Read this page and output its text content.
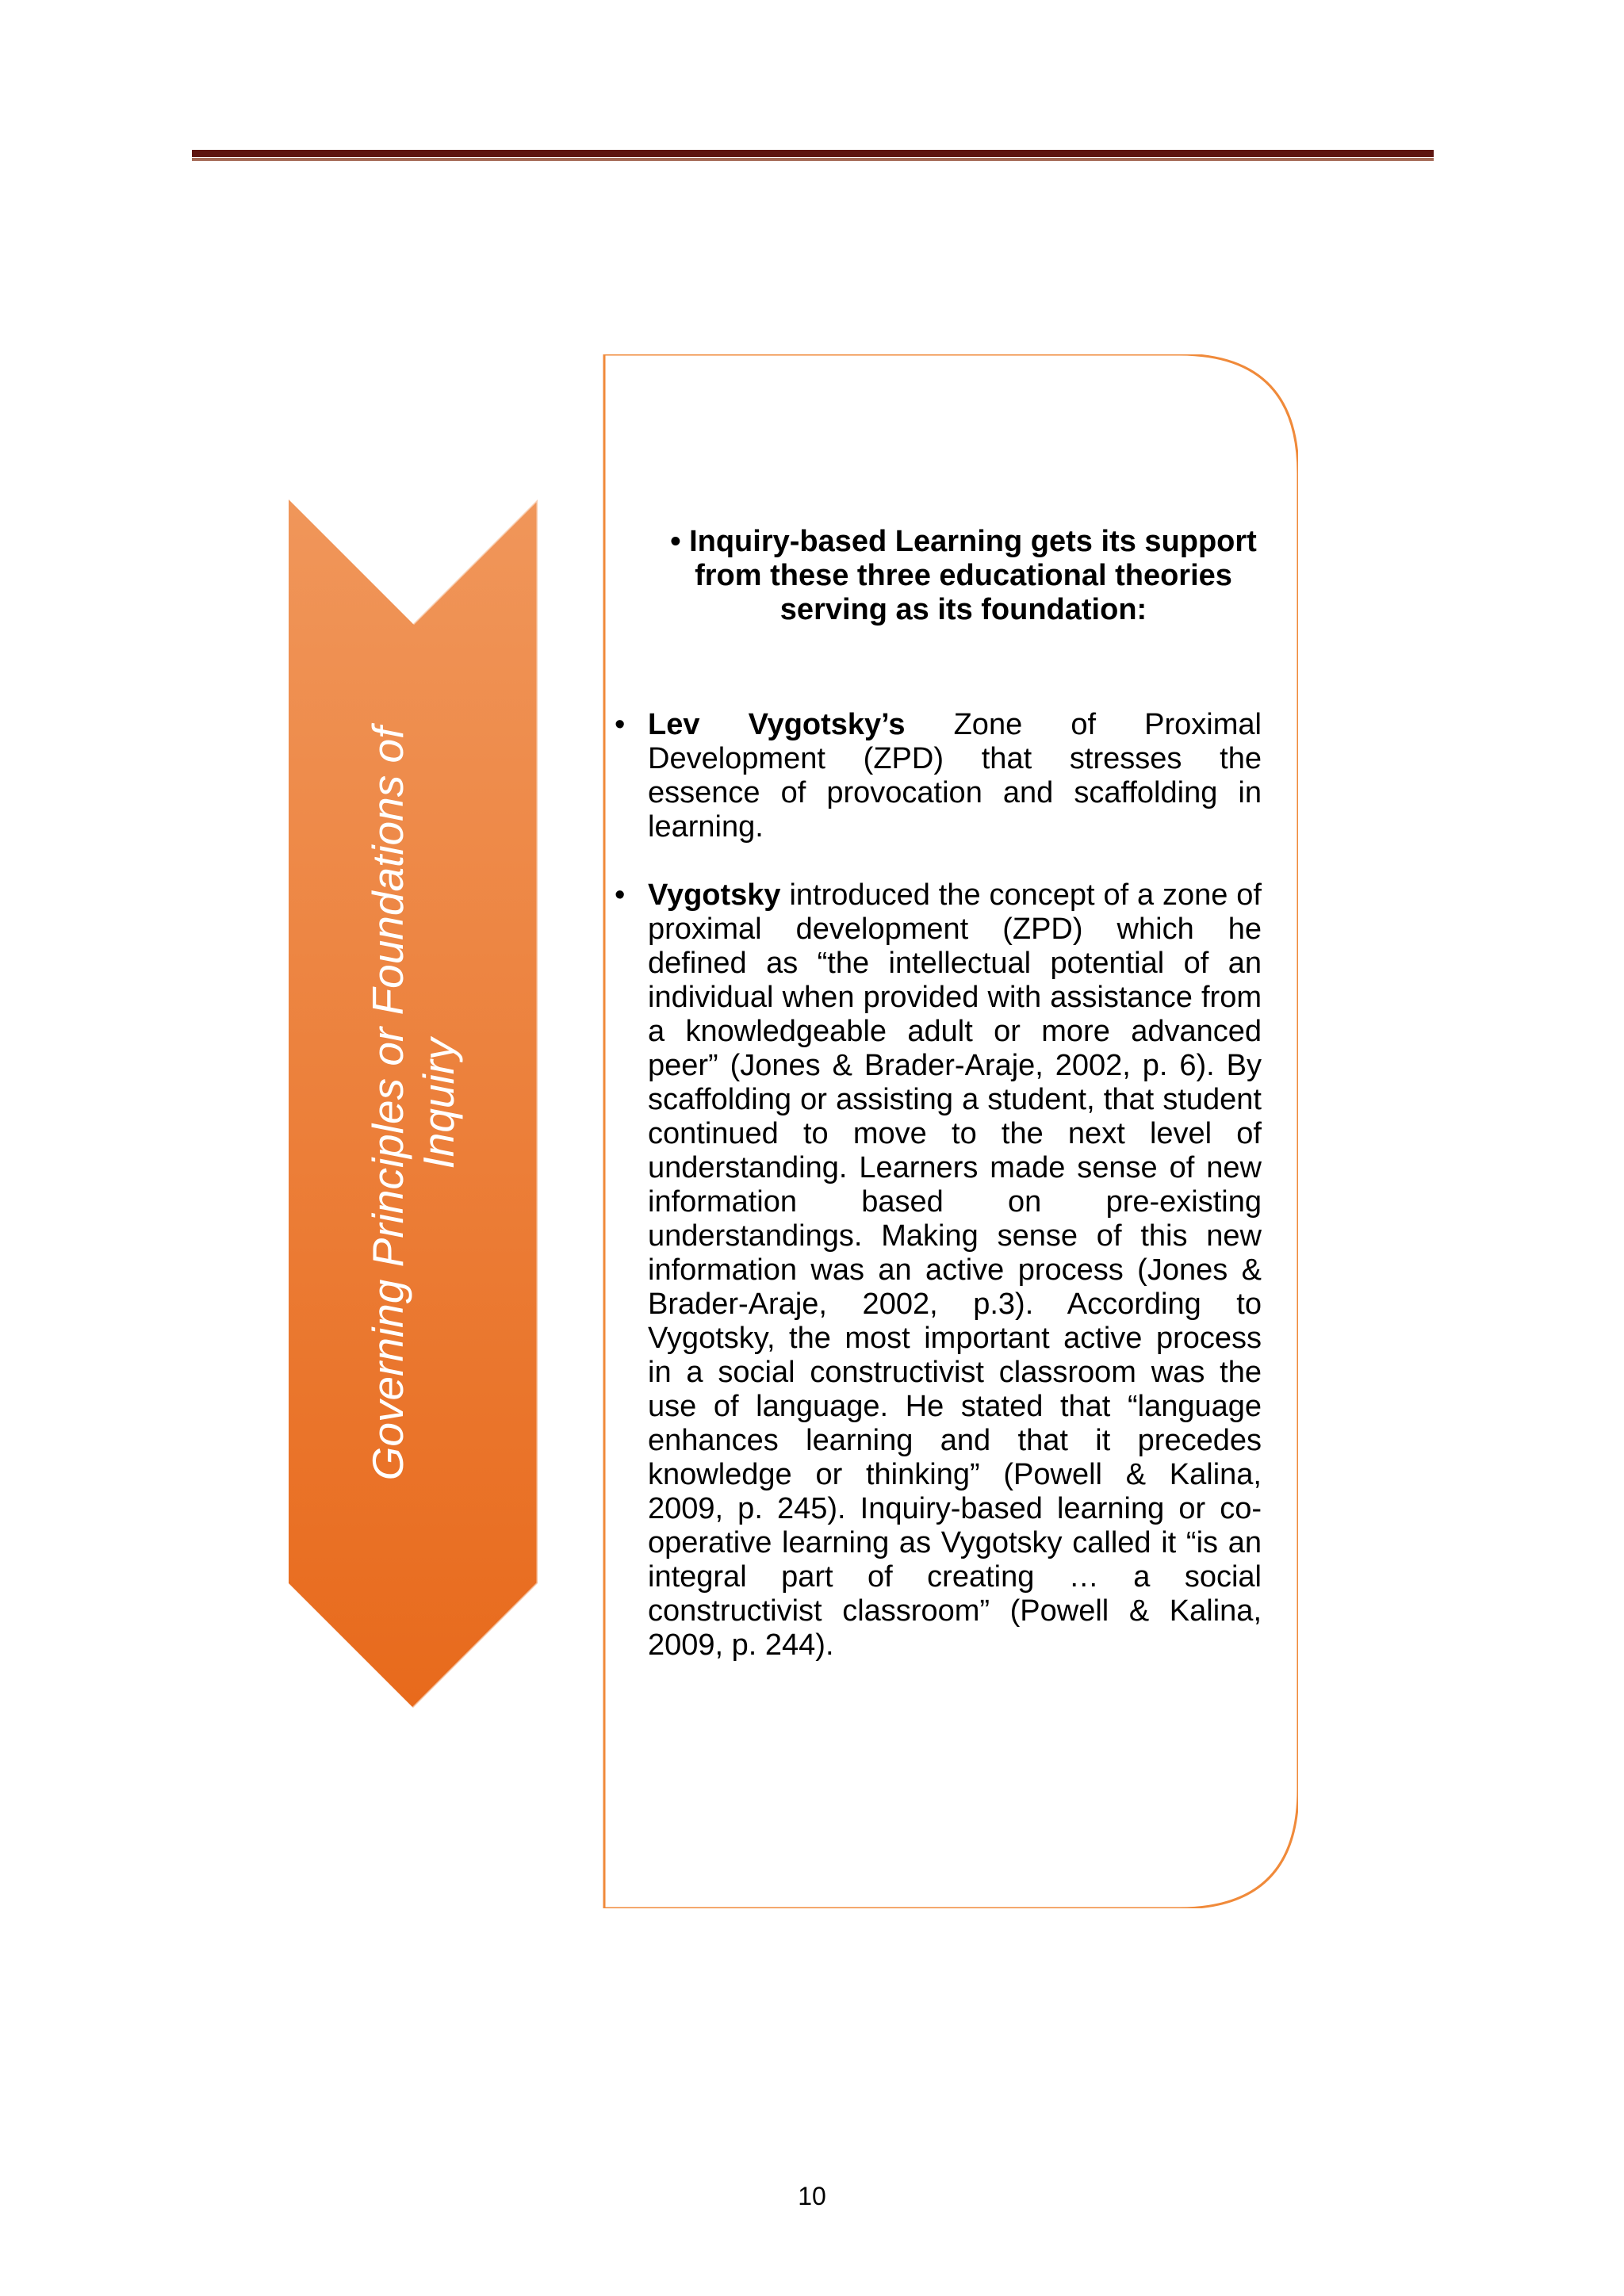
Governing Principles or Foundations of Inquiry
• Inquiry-based Learning gets its support from these three educational theories serving as its foundation:
• Lev Vygotsky’s Zone of Proximal Development (ZPD) that stresses the essence of provocation and scaffolding in learning.
• Vygotsky introduced the concept of a zone of proximal development (ZPD) which he defined as “the intellectual potential of an individual when provided with assistance from a knowledgeable adult or more advanced peer” (Jones & Brader-Araje, 2002, p. 6). By scaffolding or assisting a student, that student continued to move to the next level of understanding. Learners made sense of new information based on pre-existing understandings. Making sense of this new information was an active process (Jones & Brader-Araje, 2002, p.3). According to Vygotsky, the most important active process in a social constructivist classroom was the use of language. He stated that “language enhances learning and that it precedes knowledge or thinking” (Powell & Kalina, 2009, p. 245). Inquiry-based learning or co-operative learning as Vygotsky called it “is an integral part of creating … a social constructivist classroom” (Powell & Kalina, 2009, p. 244).
10
